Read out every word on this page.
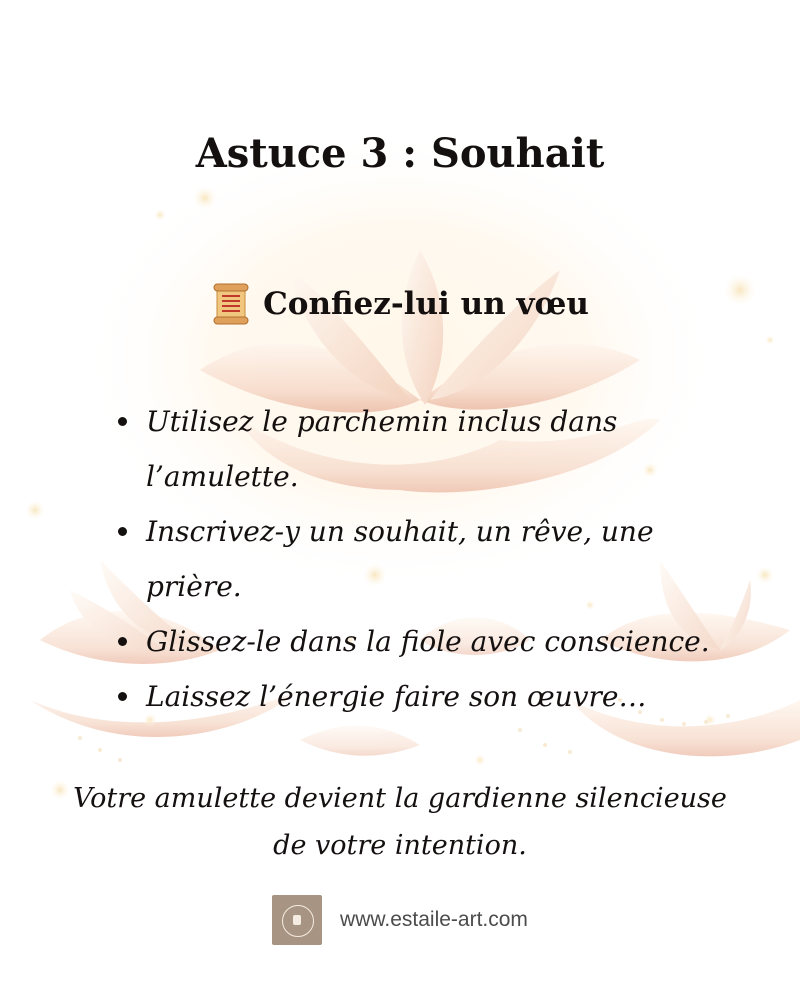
Astuce 3 : Souhait
Confiez-lui un vœu
Utilisez le parchemin inclus dans l’amulette.
Inscrivez-y un souhait, un rêve, une prière.
Glissez-le dans la fiole avec conscience.
Laissez l’énergie faire son œuvre…
Votre amulette devient la gardienne silencieuse de votre intention.
www.estaile-art.com
